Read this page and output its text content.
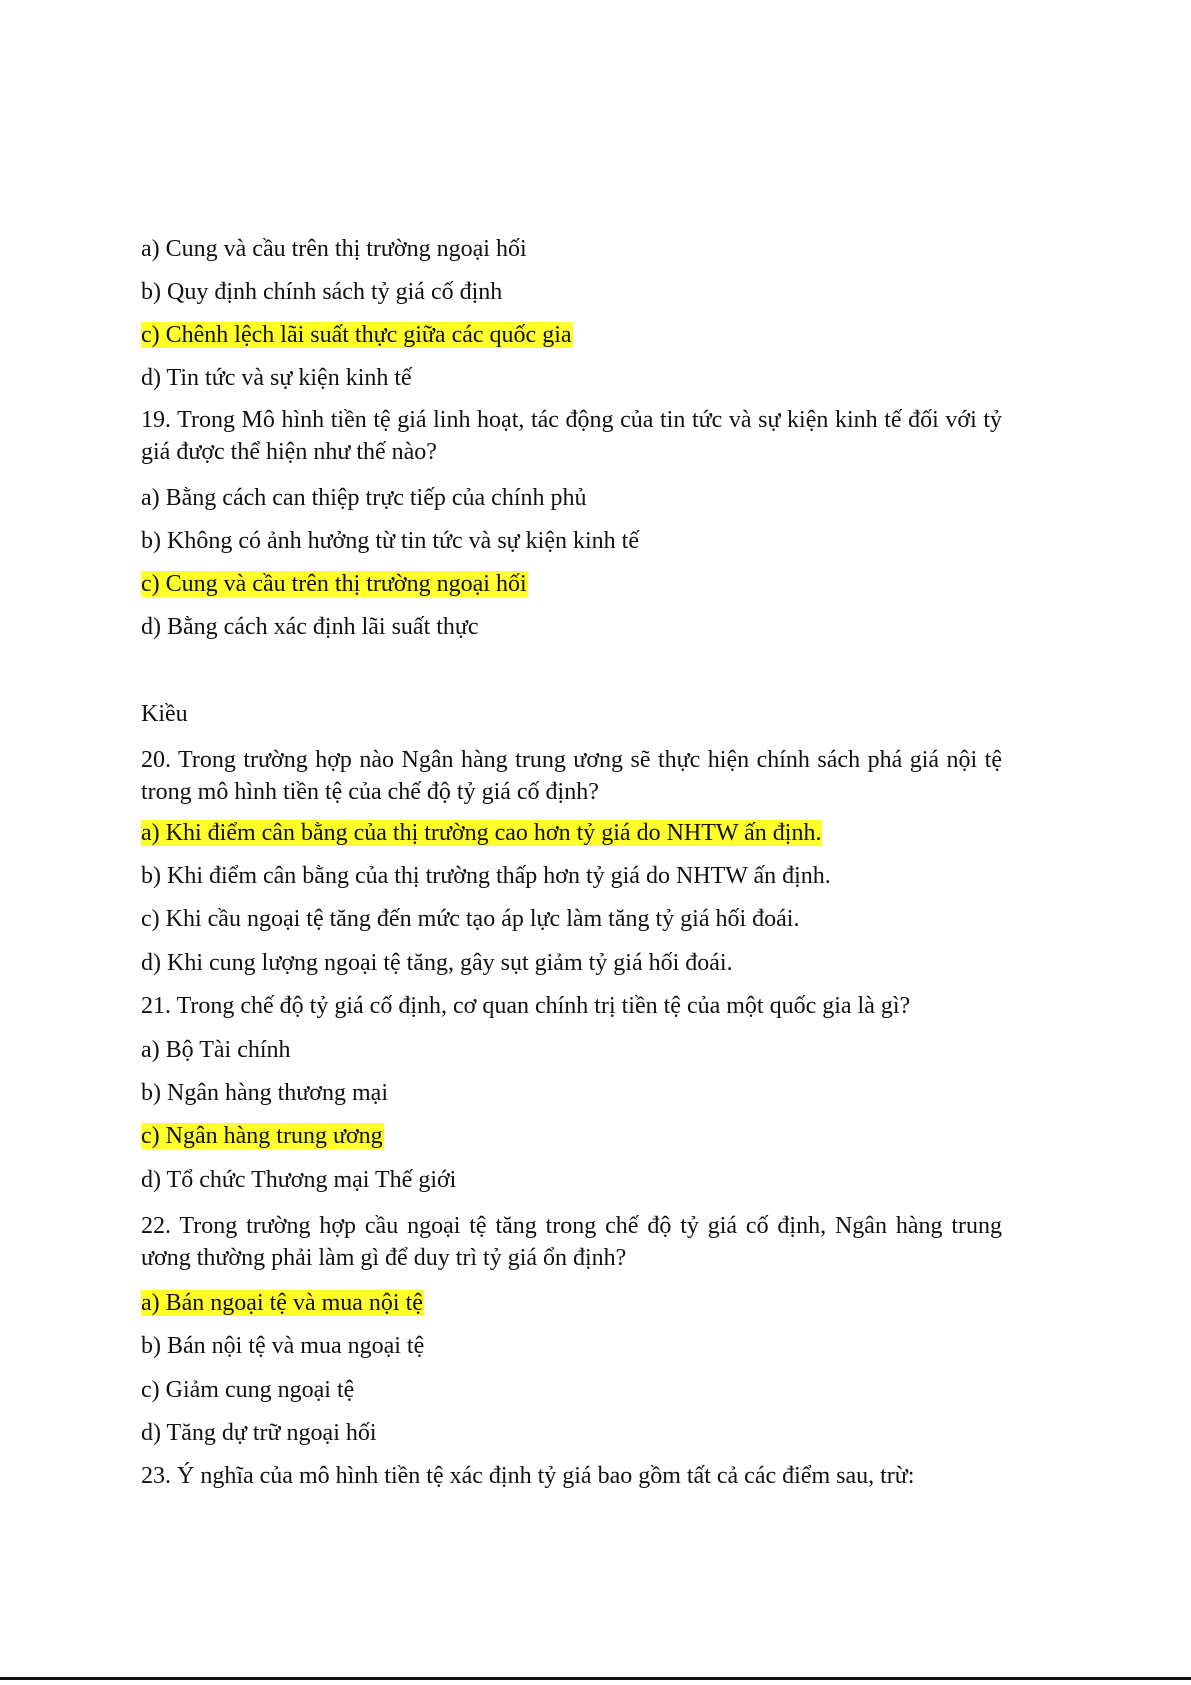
a) Cung và cầu trên thị trường ngoại hối
b) Quy định chính sách tỷ giá cố định
c) Chênh lệch lãi suất thực giữa các quốc gia
d) Tin tức và sự kiện kinh tế
19. Trong Mô hình tiền tệ giá linh hoạt, tác động của tin tức và sự kiện kinh tế đối với tỷ giá được thể hiện như thế nào?
a) Bằng cách can thiệp trực tiếp của chính phủ
b) Không có ảnh hưởng từ tin tức và sự kiện kinh tế
c) Cung và cầu trên thị trường ngoại hối
d) Bằng cách xác định lãi suất thực
Kiều
20. Trong trường hợp nào Ngân hàng trung ương sẽ thực hiện chính sách phá giá nội tệ trong mô hình tiền tệ của chế độ tỷ giá cố định?
a) Khi điểm cân bằng của thị trường cao hơn tỷ giá do NHTW ấn định.
b) Khi điểm cân bằng của thị trường thấp hơn tỷ giá do NHTW ấn định.
c) Khi cầu ngoại tệ tăng đến mức tạo áp lực làm tăng tỷ giá hối đoái.
d) Khi cung lượng ngoại tệ tăng, gây sụt giảm tỷ giá hối đoái.
21. Trong chế độ tỷ giá cố định, cơ quan chính trị tiền tệ của một quốc gia là gì?
a) Bộ Tài chính
b) Ngân hàng thương mại
c) Ngân hàng trung ương
d) Tổ chức Thương mại Thế giới
22. Trong trường hợp cầu ngoại tệ tăng trong chế độ tỷ giá cố định, Ngân hàng trung ương thường phải làm gì để duy trì tỷ giá ổn định?
a) Bán ngoại tệ và mua nội tệ
b) Bán nội tệ và mua ngoại tệ
c) Giảm cung ngoại tệ
d) Tăng dự trữ ngoại hối
23. Ý nghĩa của mô hình tiền tệ xác định tỷ giá bao gồm tất cả các điểm sau, trừ:
